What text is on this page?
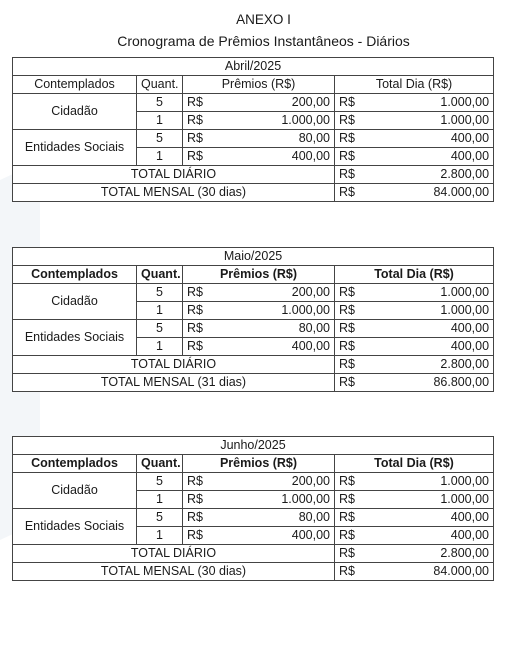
ANEXO I
Cronograma de Prêmios Instantâneos - Diários
Abril/2025					
Contemplados	Quant.	Prêmios (R$)		Total Dia (R$)	
Cidadão	5	R$	200,00	R$	1.000,00
	1	R$	1.000,00	R$	1.000,00
Entidades Sociais	5	R$	80,00	R$	400,00
	1	R$	400,00	R$	400,00
TOTAL DIÁRIO				R$	2.800,00
TOTAL MENSAL (30 dias)				R$	84.000,00
Maio/2025					
Contemplados	Quant.	Prêmios (R$)		Total Dia (R$)	
Cidadão	5	R$	200,00	R$	1.000,00
	1	R$	1.000,00	R$	1.000,00
Entidades Sociais	5	R$	80,00	R$	400,00
	1	R$	400,00	R$	400,00
TOTAL DIÁRIO				R$	2.800,00
TOTAL MENSAL (31 dias)				R$	86.800,00
Junho/2025					
Contemplados	Quant.	Prêmios (R$)		Total Dia (R$)	
Cidadão	5	R$	200,00	R$	1.000,00
	1	R$	1.000,00	R$	1.000,00
Entidades Sociais	5	R$	80,00	R$	400,00
	1	R$	400,00	R$	400,00
TOTAL DIÁRIO				R$	2.800,00
TOTAL MENSAL (30 dias)				R$	84.000,00
